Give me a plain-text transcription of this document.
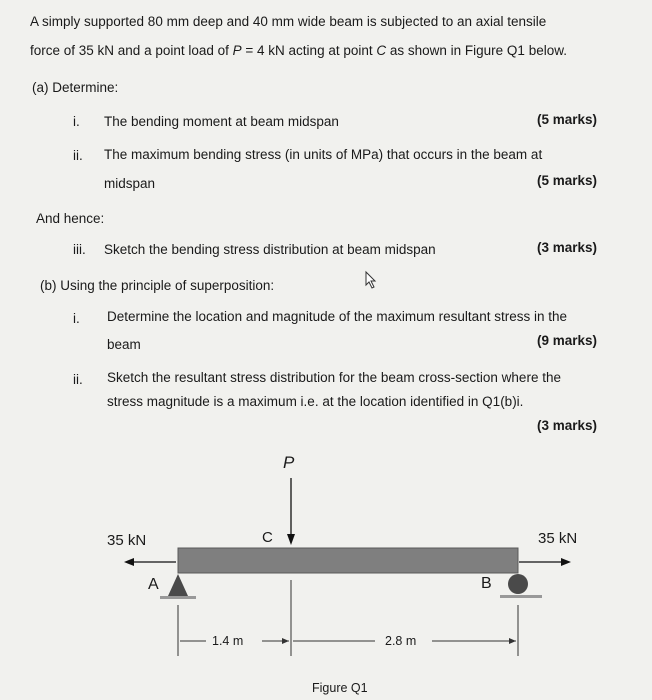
A simply supported 80 mm deep and 40 mm wide beam is subjected to an axial tensile
force of 35 kN and a point load of P = 4 kN acting at point C as shown in Figure Q1 below.
(a) Determine:
i. The bending moment at beam midspan	(5 marks)
ii. The maximum bending stress (in units of MPa) that occurs in the beam at
midspan	(5 marks)
And hence:
iii. Sketch the bending stress distribution at beam midspan	(3 marks)
(b) Using the principle of superposition:
i. Determine the location and magnitude of the maximum resultant stress in the
beam	(9 marks)
ii. Sketch the resultant stress distribution for the beam cross-section where the
stress magnitude is a maximum i.e. at the location identified in Q1(b)i.
(3 marks)
P
35 kN	C	35 kN
A	B
1.4 m	2.8 m
Figure Q1
